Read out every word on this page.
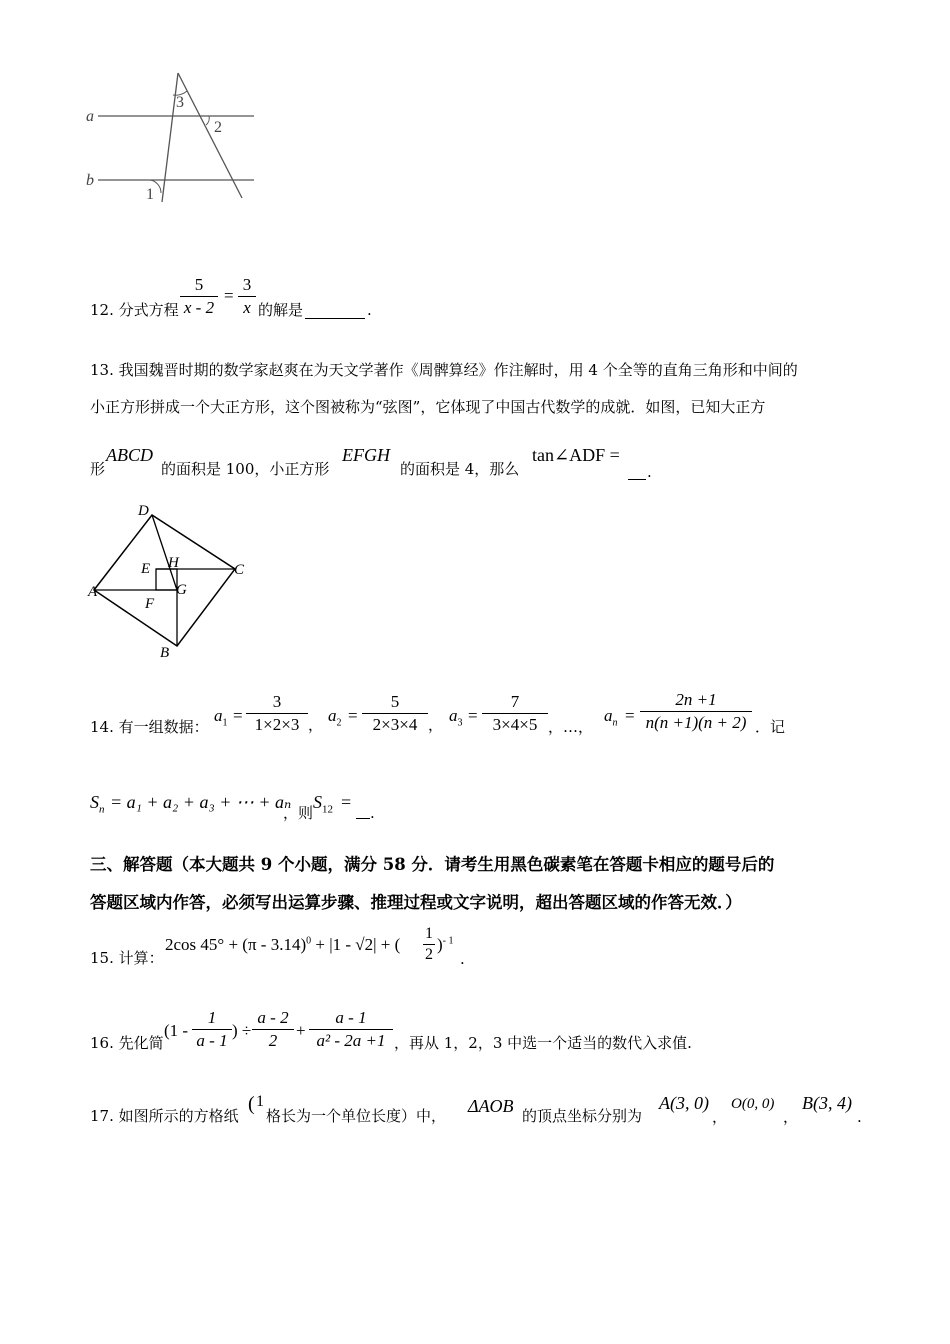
a
b
3
2
1
12. 分式方程
5
x - 2
=
3
x 的解是	.
13. 我国魏晋时期的数学家赵爽在为天文学著作《周髀算经》作注解时，用 4 个全等的直角三角形和中间的
小正方形拼成一个大正方形，这个图被称为“弦图”，它体现了中国古代数学的成就．如图，已知大正方
形
ABCD
的面积是 100，小正方形
EFGH
的面积是 4，那么
tan∠ADF =
.
D
C
A
B
E H
G
F
14. 有一组数据：
$a_1$ =
3
1×2×3 ， $a_2$ =
5
2×3×4 ， $a_3$ =
7
3×4×5 ，…，
$a_n$ =
2n +1
n(n +1)(n + 2) ．记
$S_n = a_1 + a_2 + a_3$ + ⋯ + aₙ
，则
$S_{12}$ =
.
三、解答题（本大题共 9 个小题，满分 58 分．请考生用黑色碳素笔在答题卡相应的题号后的
答题区域内作答，必须写出运算步骤、推理过程或文字说明，超出答题区域的作答无效．）
15. 计算：
2cos 45° + (π - 3.14)$^0$ + |1 - √2| + (
1
2
)$^{- 1}$
.
16. 先化简
(1 -
1
a - 1
) ÷
a - 2
2
+
a - 1
a² - 2a +1 ，再从 1，2，3 中选一个适当的数代入求值.
17. 如图所示的方格纸
( 1
格长为一个单位长度）中， ΔAOB 的顶点坐标分别为
A(3, 0)
，
O(0, 0)
，
B(3, 4)
.
